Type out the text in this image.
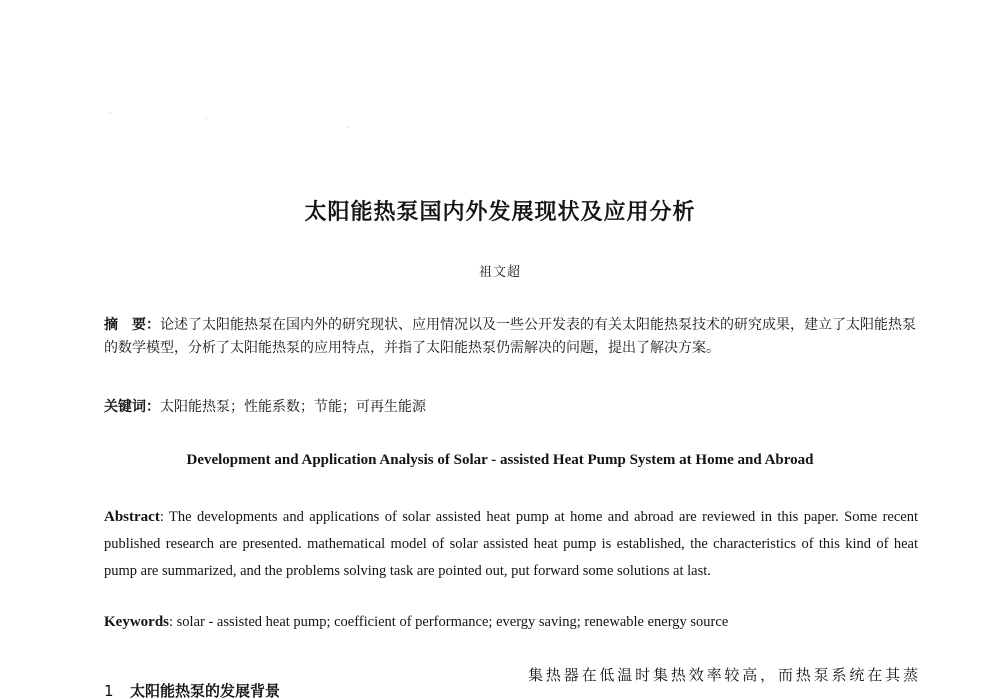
太阳能热泵国内外发展现状及应用分析
祖文超

摘　要：论述了太阳能热泵在国内外的研究现状、应用情况以及一些公开发表的有关太阳能热泵技术的研究成果，建立了太阳能热泵的数学模型，分析了太阳能热泵的应用特点，并指了太阳能热泵仍需解决的问题，提出了解决方案。

关键词：太阳能热泵；性能系数；节能；可再生能源

Development and Application Analysis of Solar - assisted Heat Pump System at Home and Abroad

Abstract: The developments and applications of solar assisted heat pump at home and abroad are reviewed in this paper. Some recent published research are presented. mathematical model of solar assisted heat pump is established, the characteristics of this kind of heat pump are summarized, and the problems solving task are pointed out, put forward some solutions at last.

Keywords: solar - assisted heat pump; coefficient of performance; evergy saving; renewable energy source

1 太阳能热泵的发展背景

集热器在低温时集热效率较高，而热泵系统在其蒸
